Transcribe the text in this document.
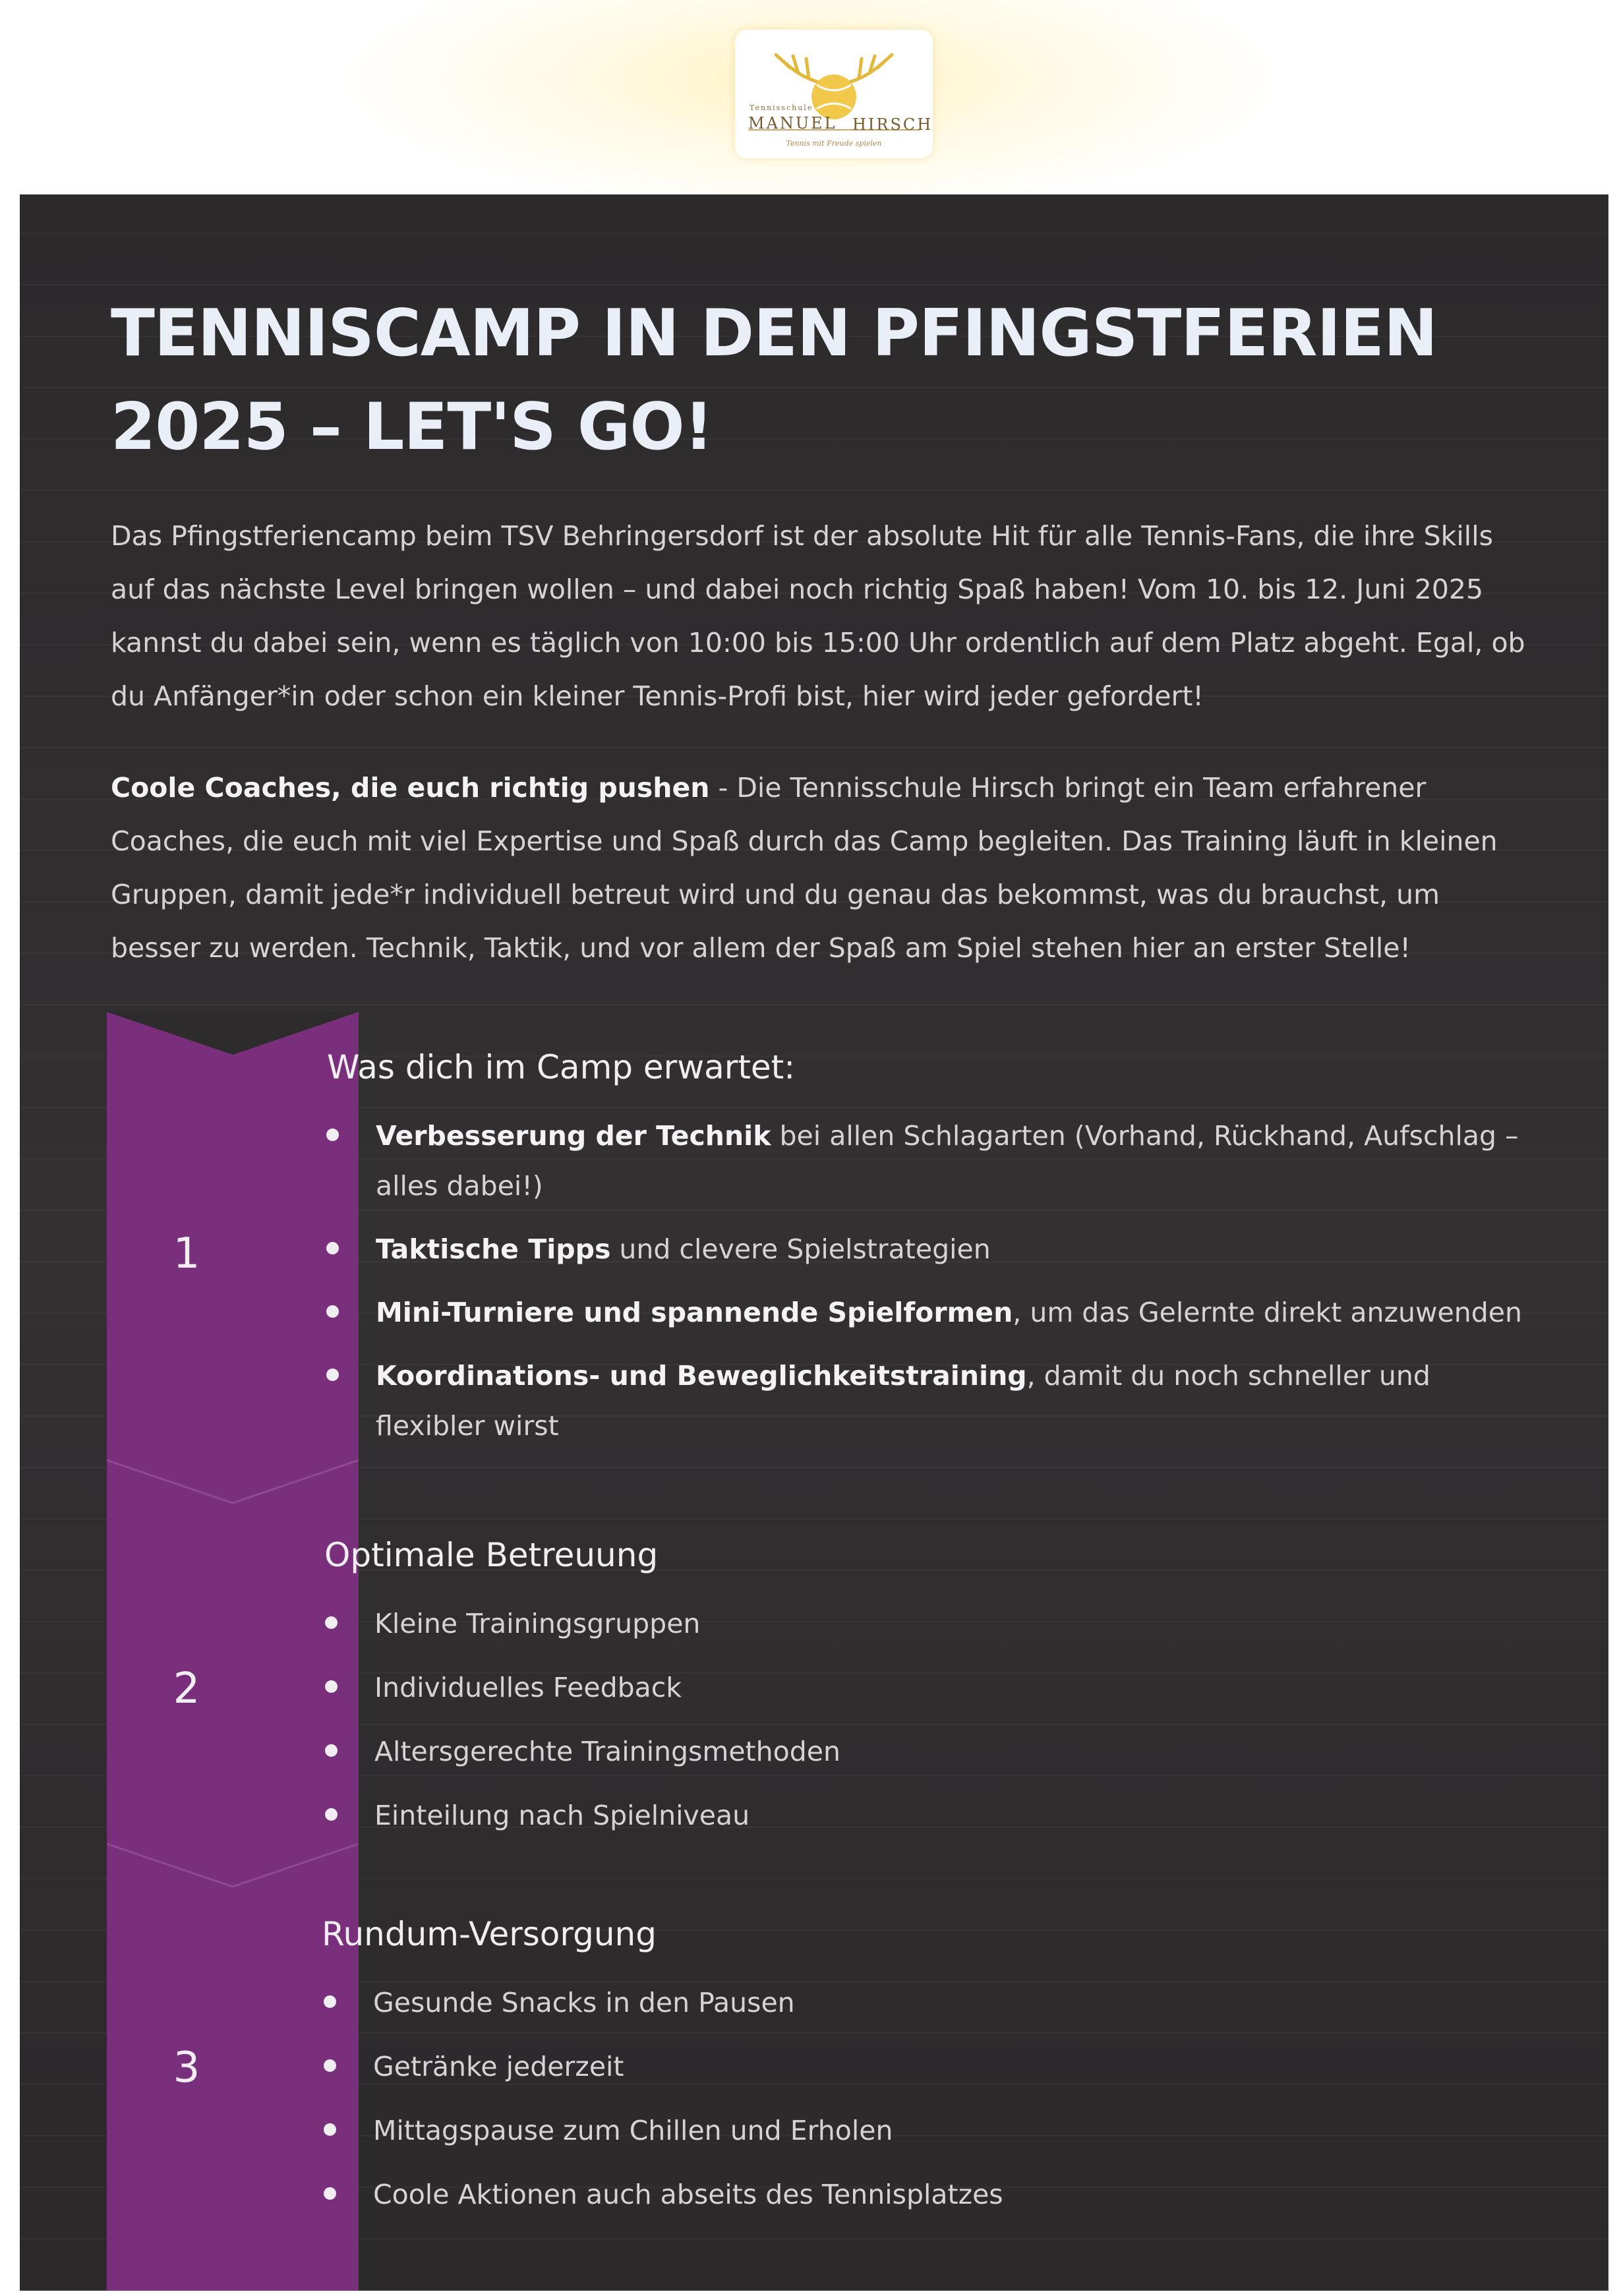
Tennisschule
MANUEL HIRSCH
Tennis mit Freude spielen
TENNISCAMP IN DEN PFINGSTFERIEN
2025 – LET'S GO!

Das Pfingstferiencamp beim TSV Behringersdorf ist der absolute Hit für alle Tennis-Fans, die ihre Skills auf das nächste Level bringen wollen – und dabei noch richtig Spaß haben! Vom 10. bis 12. Juni 2025 kannst du dabei sein, wenn es täglich von 10:00 bis 15:00 Uhr ordentlich auf dem Platz abgeht. Egal, ob du Anfänger*in oder schon ein kleiner Tennis-Profi bist, hier wird jeder gefordert!

Coole Coaches, die euch richtig pushen - Die Tennisschule Hirsch bringt ein Team erfahrener Coaches, die euch mit viel Expertise und Spaß durch das Camp begleiten. Das Training läuft in kleinen Gruppen, damit jede*r individuell betreut wird und du genau das bekommst, was du brauchst, um besser zu werden. Technik, Taktik, und vor allem der Spaß am Spiel stehen hier an erster Stelle!

1
Was dich im Camp erwartet:
Verbesserung der Technik bei allen Schlagarten (Vorhand, Rückhand, Aufschlag – alles dabei!)
Taktische Tipps und clevere Spielstrategien
Mini-Turniere und spannende Spielformen, um das Gelernte direkt anzuwenden
Koordinations- und Beweglichkeitstraining, damit du noch schneller und flexibler wirst
2
Optimale Betreuung
Kleine Trainingsgruppen
Individuelles Feedback
Altersgerechte Trainingsmethoden
Einteilung nach Spielniveau
3
Rundum-Versorgung
Gesunde Snacks in den Pausen
Getränke jederzeit
Mittagspause zum Chillen und Erholen
Coole Aktionen auch abseits des Tennisplatzes
